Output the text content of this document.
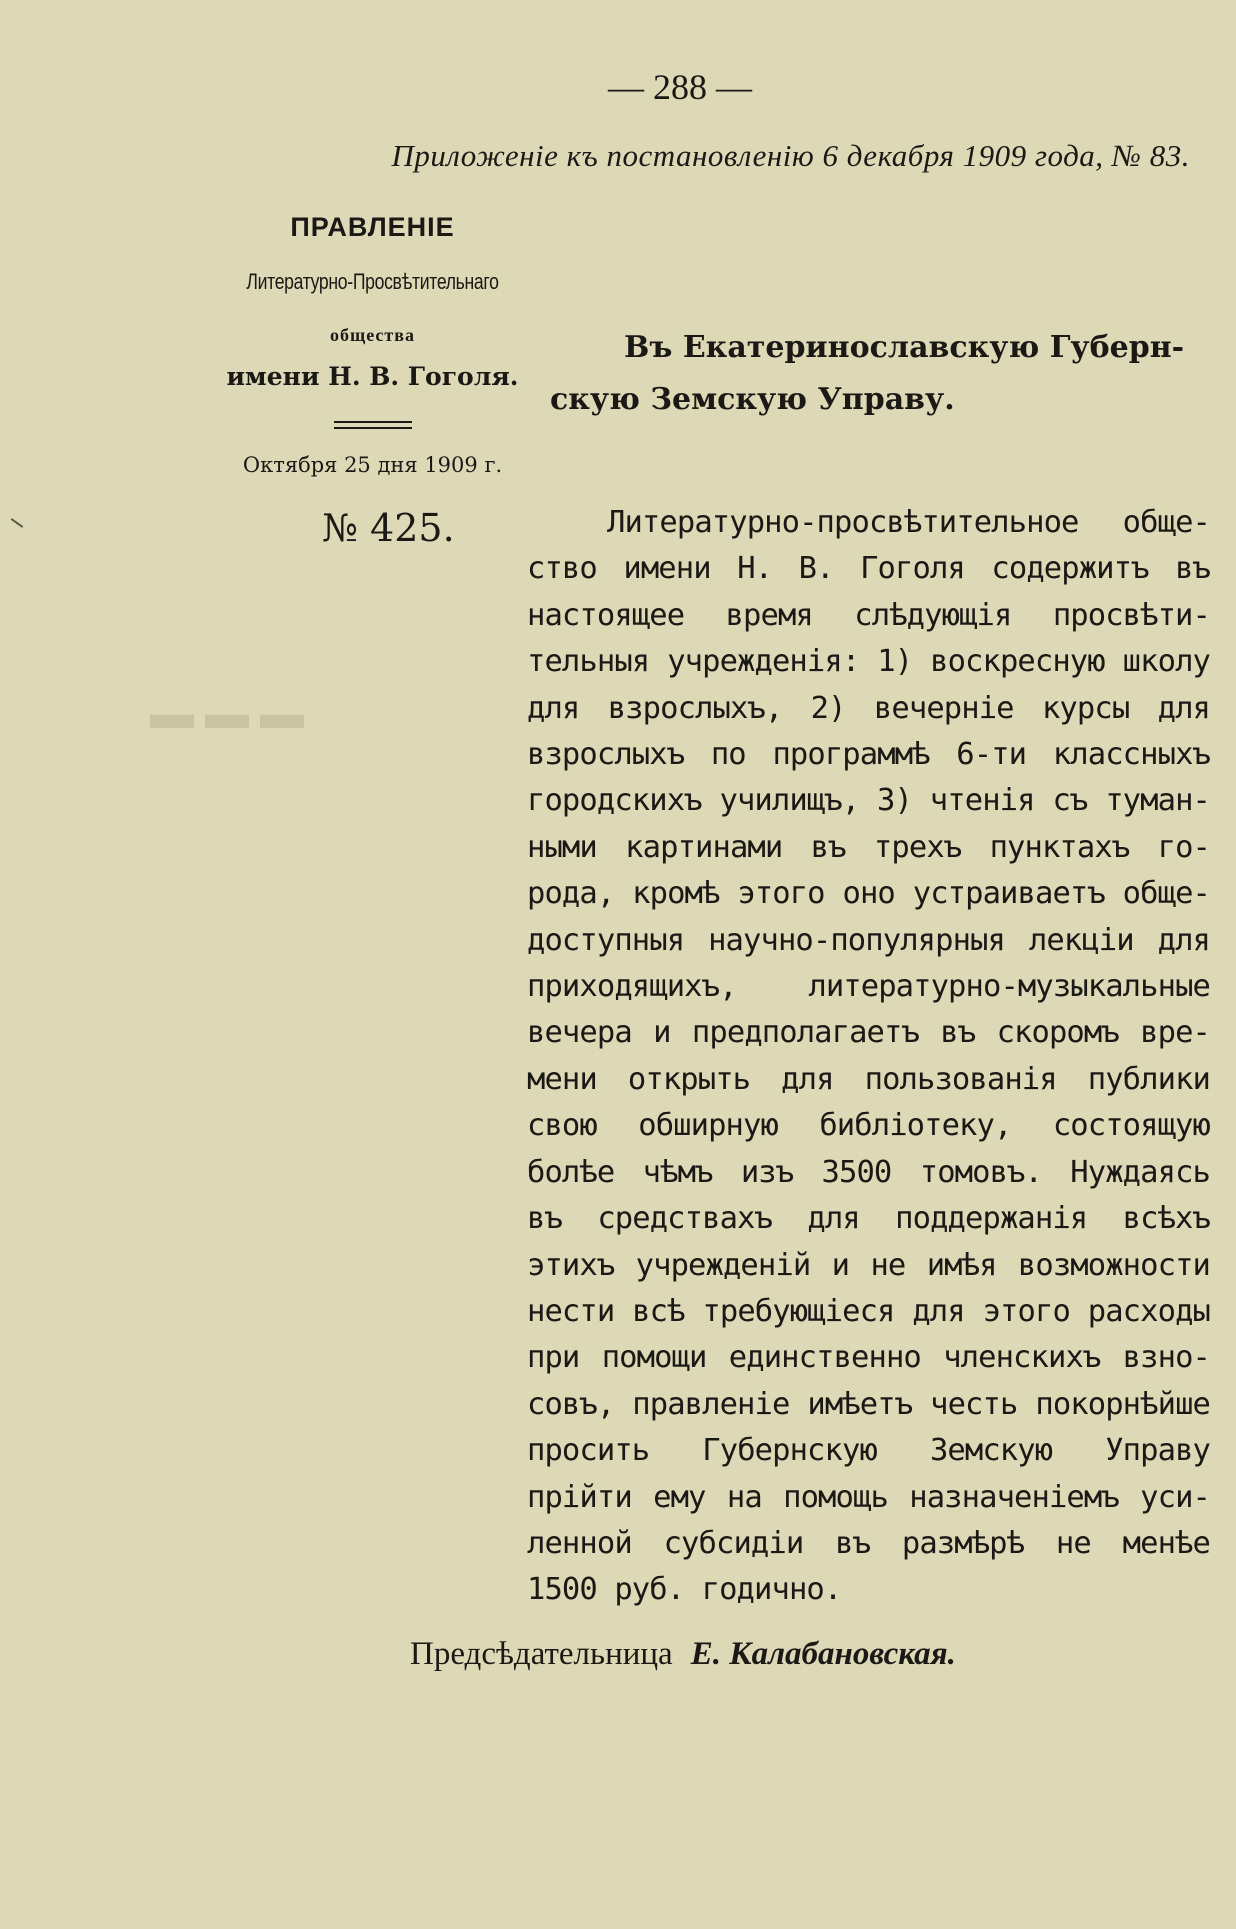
▬ ▬ ▬
— 288 —
Приложенiе къ постановленiю 6 декабря 1909 года, № 83.
ПРАВЛЕНIЕ
Литературно-Просвѣтительнаго
общества
имени Н. В. Гоголя.
Октября 25 дня 1909 г.
№ 425.
Въ Екатеринославскую Губерн-
скую Земскую Управу.
Литературно-просвѣтительное обще-
ство имени Н. В. Гоголя содержитъ въ
настоящее время слѣдующiя просвѣти-
тельныя учрежденiя: 1) воскресную школу
для взрослыхъ, 2) вечернiе курсы для
взрослыхъ по программѣ 6-ти классныхъ
городскихъ училищъ, 3) чтенiя съ туман-
ными картинами въ трехъ пунктахъ го-
рода, кромѣ этого оно устраиваетъ обще-
доступныя научно-популярныя лекцiи для
приходящихъ, литературно-музыкальные
вечера и предполагаетъ въ скоромъ вре-
мени открыть для пользованiя публики
свою обширную библiотеку, состоящую
болѣе чѣмъ изъ 3500 томовъ. Нуждаясь
въ средствахъ для поддержанiя всѣхъ
этихъ учрежденiй и не имѣя возможности
нести всѣ требующiеся для этого расходы
при помощи единственно членскихъ взно-
совъ, правленiе имѣетъ честь покорнѣйше
просить Губернскую Земскую Управу
прiйти ему на помощь назначенiемъ уси-
ленной субсидiи въ размѣрѣ не менѣе
1500 руб. годично.
Предсѣдательница Е. Калабановская.
